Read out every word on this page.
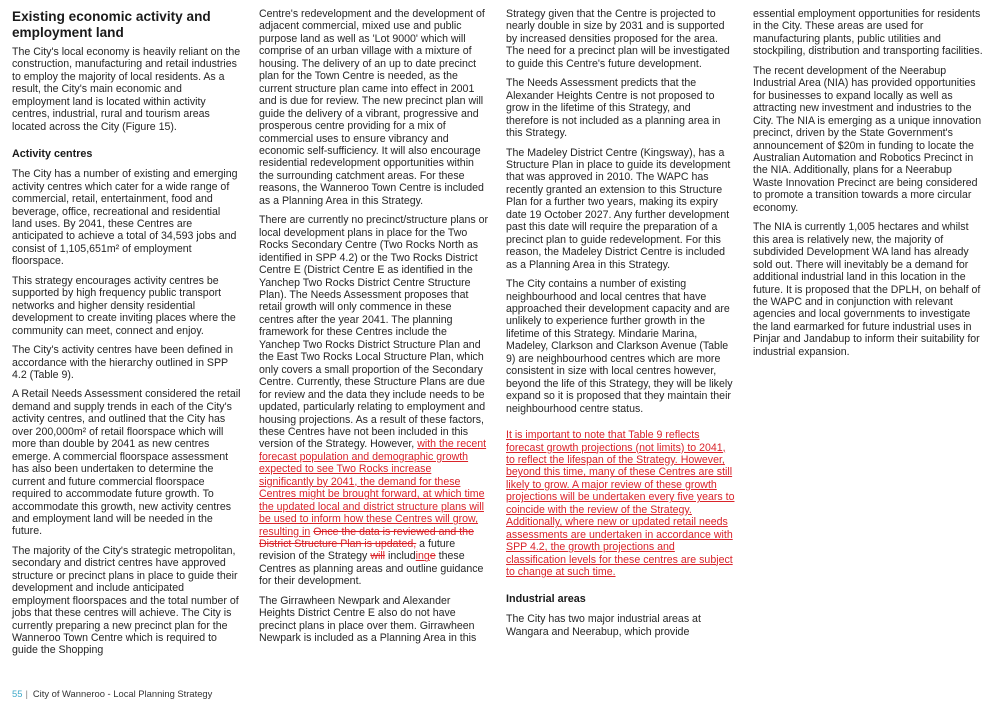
Existing economic activity and employment land

The City's local economy is heavily reliant on the construction, manufacturing and retail industries to employ the majority of local residents. As a result, the City's main economic and employment land is located within activity centres, industrial, rural and tourism areas located across the City (Figure 15).

Activity centres

The City has a number of existing and emerging activity centres which cater for a wide range of commercial, retail, entertainment, food and beverage, office, recreational and residential land uses. By 2041, these Centres are anticipated to achieve a total of 34,593 jobs and consist of 1,105,651m² of employment floorspace.

This strategy encourages activity centres be supported by high frequency public transport networks and higher density residential development to create inviting places where the community can meet, connect and enjoy.

The City's activity centres have been defined in accordance with the hierarchy outlined in SPP 4.2 (Table 9).

A Retail Needs Assessment considered the retail demand and supply trends in each of the City's activity centres, and outlined that the City has over 200,000m² of retail floorspace which will more than double by 2041 as new centres emerge. A commercial floorspace assessment has also been undertaken to determine the current and future commercial floorspace required to accommodate future growth. To accommodate this growth, new activity centres and employment land will be needed in the future.

The majority of the City's strategic metropolitan, secondary and district centres have approved structure or precinct plans in place to guide their development and include anticipated employment floorspaces and the total number of jobs that these centres will achieve. The City is currently preparing a new precinct plan for the Wanneroo Town Centre which is required to guide the Shopping

Centre's redevelopment and the development of adjacent commercial, mixed use and public purpose land as well as 'Lot 9000' which will comprise of an urban village with a mixture of housing. The delivery of an up to date precinct plan for the Town Centre is needed, as the current structure plan came into effect in 2001 and is due for review. The new precinct plan will guide the delivery of a vibrant, progressive and prosperous centre providing for a mix of commercial uses to ensure vibrancy and economic self-sufficiency. It will also encourage residential redevelopment opportunities within the surrounding catchment areas. For these reasons, the Wanneroo Town Centre is included as a Planning Area in this Strategy.

There are currently no precinct/structure plans or local development plans in place for the Two Rocks Secondary Centre (Two Rocks North as identified in SPP 4.2) or the Two Rocks District Centre E (District Centre E as identified in the Yanchep Two Rocks District Centre Structure Plan). The Needs Assessment proposes that retail growth will only commence in these centres after the year 2041. The planning framework for these Centres include the Yanchep Two Rocks District Structure Plan and the East Two Rocks Local Structure Plan, which only covers a small proportion of the Secondary Centre. Currently, these Structure Plans are due for review and the data they include needs to be updated, particularly relating to employment and housing projections. As a result of these factors, these Centres have not been included in this version of the Strategy. However, with the recent forecast population and demographic growth expected to see Two Rocks increase significantly by 2041, the demand for these Centres might be brought forward, at which time the updated local and district structure plans will be used to inform how these Centres will grow, resulting in Once the data is reviewed and the District Structure Plan is updated, a future revision of the Strategy will includinge these Centres as planning areas and outline guidance for their development.

The Girrawheen Newpark and Alexander Heights District Centre E also do not have precinct plans in place over them. Girrawheen Newpark is included as a Planning Area in this

Strategy given that the Centre is projected to nearly double in size by 2031 and is supported by increased densities proposed for the area. The need for a precinct plan will be investigated to guide this Centre's future development.

The Needs Assessment predicts that the Alexander Heights Centre is not proposed to grow in the lifetime of this Strategy, and therefore is not included as a planning area in this Strategy.

The Madeley District Centre (Kingsway), has a Structure Plan in place to guide its development that was approved in 2010. The WAPC has recently granted an extension to this Structure Plan for a further two years, making its expiry date 19 October 2027. Any further development past this date will require the preparation of a precinct plan to guide redevelopment. For this reason, the Madeley District Centre is included as a Planning Area in this Strategy.

The City contains a number of existing neighbourhood and local centres that have approached their development capacity and are unlikely to experience further growth in the lifetime of this Strategy. Mindarie Marina, Madeley, Clarkson and Clarkson Avenue (Table 9) are neighbourhood centres which are more consistent in size with local centres however, beyond the life of this Strategy, they will be likely expand so it is proposed that they maintain their neighbourhood centre status.

It is important to note that Table 9 reflects forecast growth projections (not limits) to 2041, to reflect the lifespan of the Strategy. However, beyond this time, many of these Centres are still likely to grow. A major review of these growth projections will be undertaken every five years to coincide with the review of the Strategy. Additionally, where new or updated retail needs assessments are undertaken in accordance with SPP 4.2, the growth projections and classification levels for these centres are subject to change at such time.

Industrial areas

The City has two major industrial areas at Wangara and Neerabup, which provide

essential employment opportunities for residents in the City. These areas are used for manufacturing plants, public utilities and stockpiling, distribution and transporting facilities.

The recent development of the Neerabup Industrial Area (NIA) has provided opportunities for businesses to expand locally as well as attracting new investment and industries to the City. The NIA is emerging as a unique innovation precinct, driven by the State Government's announcement of $20m in funding to locate the Australian Automation and Robotics Precinct in the NIA. Additionally, plans for a Neerabup Waste Innovation Precinct are being considered to promote a transition towards a more circular economy.

The NIA is currently 1,005 hectares and whilst this area is relatively new, the majority of subdivided Development WA land has already sold out. There will inevitably be a demand for additional industrial land in this location in the future. It is proposed that the DPLH, on behalf of the WAPC and in conjunction with relevant agencies and local governments to investigate the land earmarked for future industrial uses in Pinjar and Jandabup to inform their suitability for industrial expansion.

55 | City of Wanneroo - Local Planning Strategy
